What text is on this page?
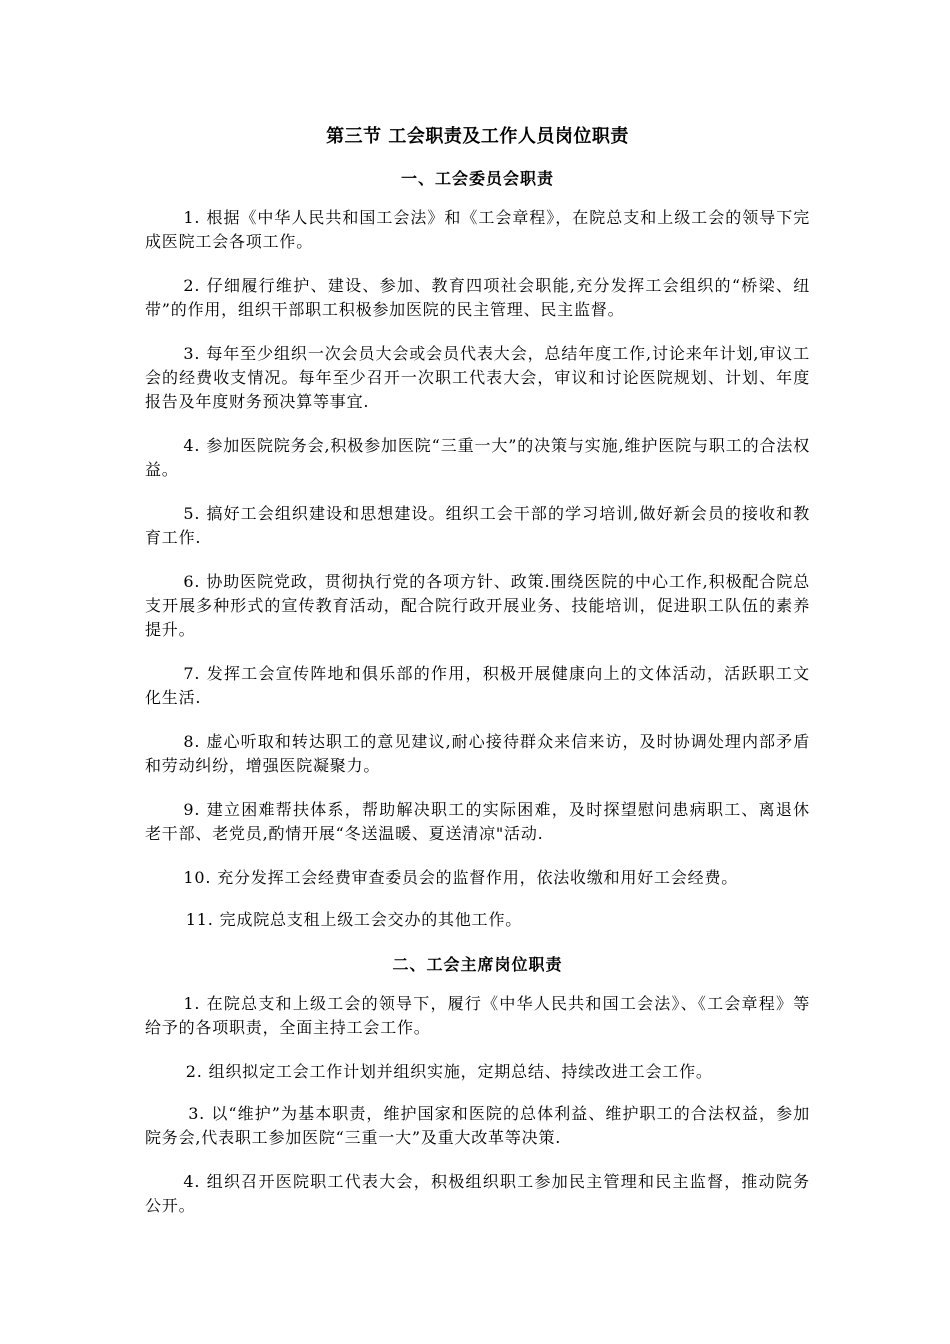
第三节 工会职责及工作人员岗位职责
一、工会委员会职责

1. 根据《中华人民共和国工会法》和《工会章程》，在院总支和上级工会的领导下完成医院工会各项工作。

2. 仔细履行维护、建设、参加、教育四项社会职能,充分发挥工会组织的“桥梁、纽带”的作用，组织干部职工积极参加医院的民主管理、民主监督。

3. 每年至少组织一次会员大会或会员代表大会，总结年度工作,讨论来年计划,审议工会的经费收支情况。每年至少召开一次职工代表大会，审议和讨论医院规划、计划、年度报告及年度财务预决算等事宜.

4. 参加医院院务会,积极参加医院“三重一大”的决策与实施,维护医院与职工的合法权益。

5. 搞好工会组织建设和思想建设。组织工会干部的学习培训,做好新会员的接收和教育工作.

6. 协助医院党政，贯彻执行党的各项方针、政策.围绕医院的中心工作,积极配合院总支开展多种形式的宣传教育活动，配合院行政开展业务、技能培训，促进职工队伍的素养提升。

7. 发挥工会宣传阵地和俱乐部的作用，积极开展健康向上的文体活动，活跃职工文化生活.

8. 虚心听取和转达职工的意见建议,耐心接待群众来信来访，及时协调处理内部矛盾和劳动纠纷，增强医院凝聚力。

9. 建立困难帮扶体系，帮助解决职工的实际困难，及时探望慰问患病职工、离退休老干部、老党员,酌情开展“冬送温暖、夏送清凉"活动.

10. 充分发挥工会经费审查委员会的监督作用，依法收缴和用好工会经费。

11. 完成院总支租上级工会交办的其他工作。

二、工会主席岗位职责

1. 在院总支和上级工会的领导下，履行《中华人民共和国工会法》、《工会章程》等给予的各项职责，全面主持工会工作。

2. 组织拟定工会工作计划并组织实施，定期总结、持续改进工会工作。

3. 以“维护”为基本职责，维护国家和医院的总体利益、维护职工的合法权益，参加院务会,代表职工参加医院“三重一大”及重大改革等决策.

4. 组织召开医院职工代表大会，积极组织职工参加民主管理和民主监督，推动院务公开。
